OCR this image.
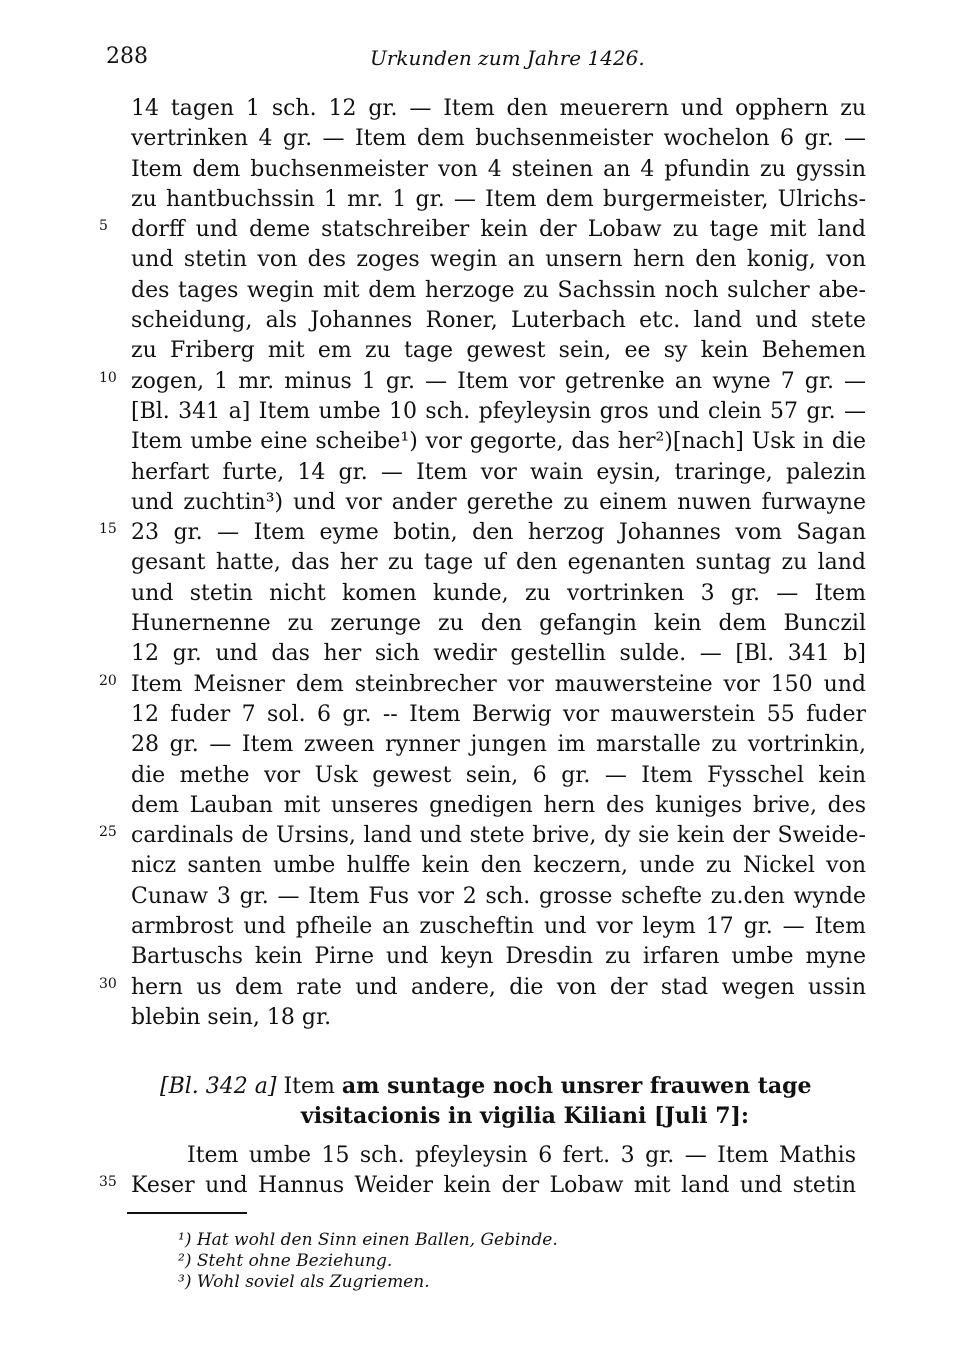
288	Urkunden zum Jahre 1426.
14 tagen 1 sch. 12 gr. — Item den meuerern und opphern zu
vertrinken 4 gr. — Item dem buchsenmeister wochelon 6 gr. —
Item dem buchsenmeister von 4 steinen an 4 pfundin zu gyssin
zu hantbuchssin 1 mr. 1 gr. — Item dem burgermeister, Ulrichs-
5 dorff und deme statschreiber kein der Lobaw zu tage mit land
und stetin von des zoges wegin an unsern hern den konig, von
des tages wegin mit dem herzoge zu Sachssin noch sulcher abe-
scheidung, als Johannes Roner, Luterbach etc. land und stete
zu Friberg mit em zu tage gewest sein, ee sy kein Behemen
10 zogen, 1 mr. minus 1 gr. — Item vor getrenke an wyne 7 gr. —
[Bl. 341 a] Item umbe 10 sch. pfeyleysin gros und clein 57 gr. —
Item umbe eine scheibe¹) vor gegorte, das her²)[nach] Usk in die
herfart furte, 14 gr. — Item vor wain eysin, traringe, palezin
und zuchtin³) und vor ander gerethe zu einem nuwen furwayne
15 23 gr. — Item eyme botin, den herzog Johannes vom Sagan
gesant hatte, das her zu tage uf den egenanten suntag zu land
und stetin nicht komen kunde, zu vortrinken 3 gr. — Item
Hunernenne zu zerunge zu den gefangin kein dem Bunczil
12 gr. und das her sich wedir gestellin sulde. — [Bl. 341 b]
20 Item Meisner dem steinbrecher vor mauwersteine vor 150 und
12 fuder 7 sol. 6 gr. -- Item Berwig vor mauwerstein 55 fuder
28 gr. — Item zween rynner jungen im marstalle zu vortrinkin,
die methe vor Usk gewest sein, 6 gr. — Item Fysschel kein
dem Lauban mit unseres gnedigen hern des kuniges brive, des
25 cardinals de Ursins, land und stete brive, dy sie kein der Sweide-
nicz santen umbe hulffe kein den keczern, unde zu Nickel von
Cunaw 3 gr. — Item Fus vor 2 sch. grosse schefte zu.den wynde
armbrost und pfheile an zuscheftin und vor leym 17 gr. — Item
Bartuschs kein Pirne und keyn Dresdin zu irfaren umbe myne
30 hern us dem rate und andere, die von der stad wegen ussin
blebin sein, 18 gr.
[Bl. 342 a] Item am suntage noch unsrer frauwen tage
visitacionis in vigilia Kiliani [Juli 7]:
Item umbe 15 sch. pfeyleysin 6 fert. 3 gr. — Item Mathis
35 Keser und Hannus Weider kein der Lobaw mit land und stetin
¹) Hat wohl den Sinn einen Ballen, Gebinde.
²) Steht ohne Beziehung.
³) Wohl soviel als Zugriemen.
